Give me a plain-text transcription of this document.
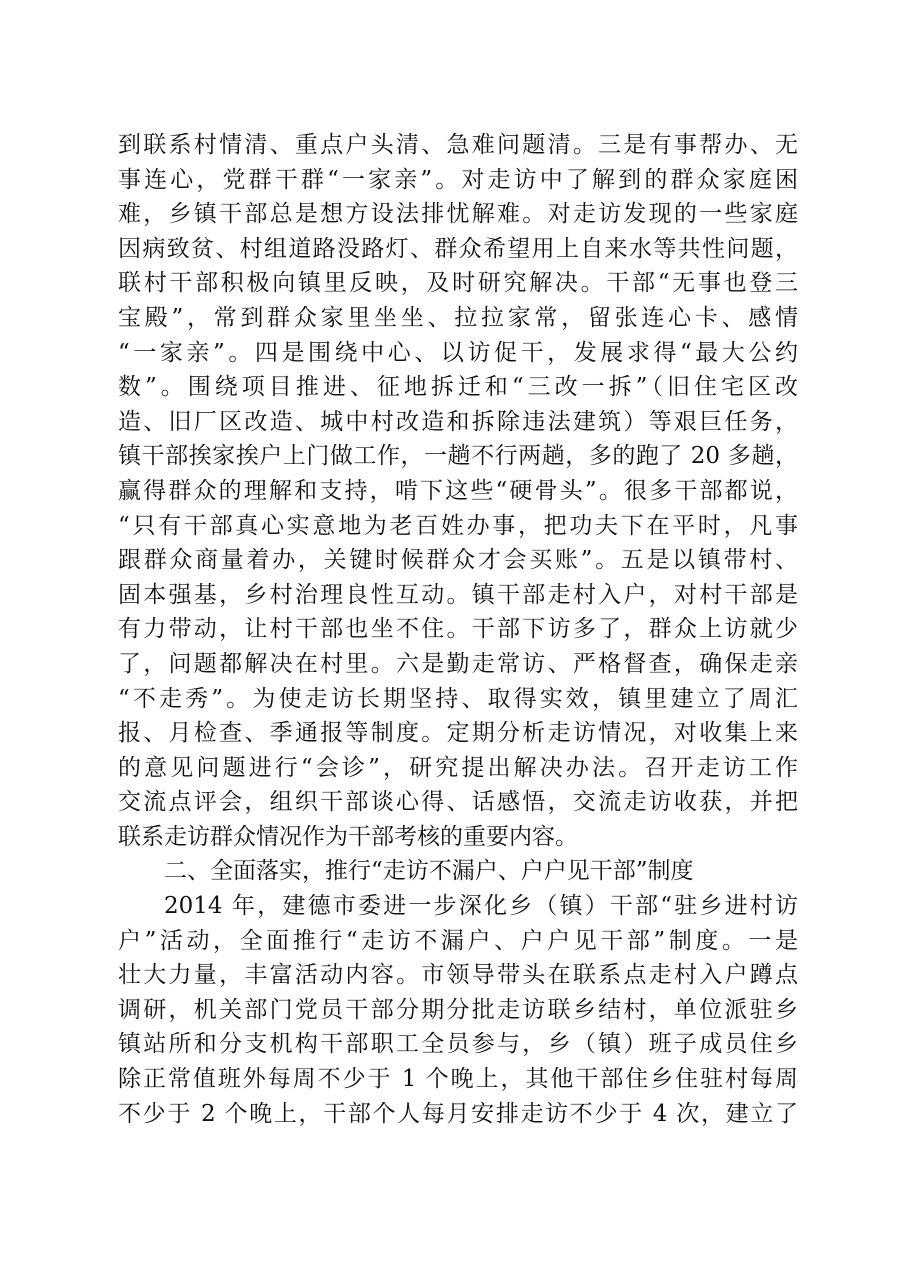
到联系村情清、重点户头清、急难问题清。三是有事帮办、无
事连心，党群干群“一家亲”。对走访中了解到的群众家庭困
难，乡镇干部总是想方设法排忧解难。对走访发现的一些家庭
因病致贫、村组道路没路灯、群众希望用上自来水等共性问题，
联村干部积极向镇里反映，及时研究解决。干部“无事也登三
宝殿”，常到群众家里坐坐、拉拉家常，留张连心卡、感情
“一家亲”。四是围绕中心、以访促干，发展求得“最大公约
数”。围绕项目推进、征地拆迁和“三改一拆”（旧住宅区改
造、旧厂区改造、城中村改造和拆除违法建筑）等艰巨任务，
镇干部挨家挨户上门做工作，一趟不行两趟，多的跑了 20 多趟，
赢得群众的理解和支持，啃下这些“硬骨头”。很多干部都说，
“只有干部真心实意地为老百姓办事，把功夫下在平时，凡事
跟群众商量着办，关键时候群众才会买账”。五是以镇带村、
固本强基，乡村治理良性互动。镇干部走村入户，对村干部是
有力带动，让村干部也坐不住。干部下访多了，群众上访就少
了，问题都解决在村里。六是勤走常访、严格督查，确保走亲
“不走秀”。为使走访长期坚持、取得实效，镇里建立了周汇
报、月检查、季通报等制度。定期分析走访情况，对收集上来
的意见问题进行“会诊”，研究提出解决办法。召开走访工作
交流点评会，组织干部谈心得、话感悟，交流走访收获，并把
联系走访群众情况作为干部考核的重要内容。
二、全面落实，推行“走访不漏户、户户见干部”制度
2014 年，建德市委进一步深化乡（镇）干部“驻乡进村访
户”活动，全面推行“走访不漏户、户户见干部”制度。一是
壮大力量，丰富活动内容。市领导带头在联系点走村入户蹲点
调研，机关部门党员干部分期分批走访联乡结村，单位派驻乡
镇站所和分支机构干部职工全员参与，乡（镇）班子成员住乡
除正常值班外每周不少于 1 个晚上，其他干部住乡住驻村每周
不少于 2 个晚上，干部个人每月安排走访不少于 4 次，建立了
